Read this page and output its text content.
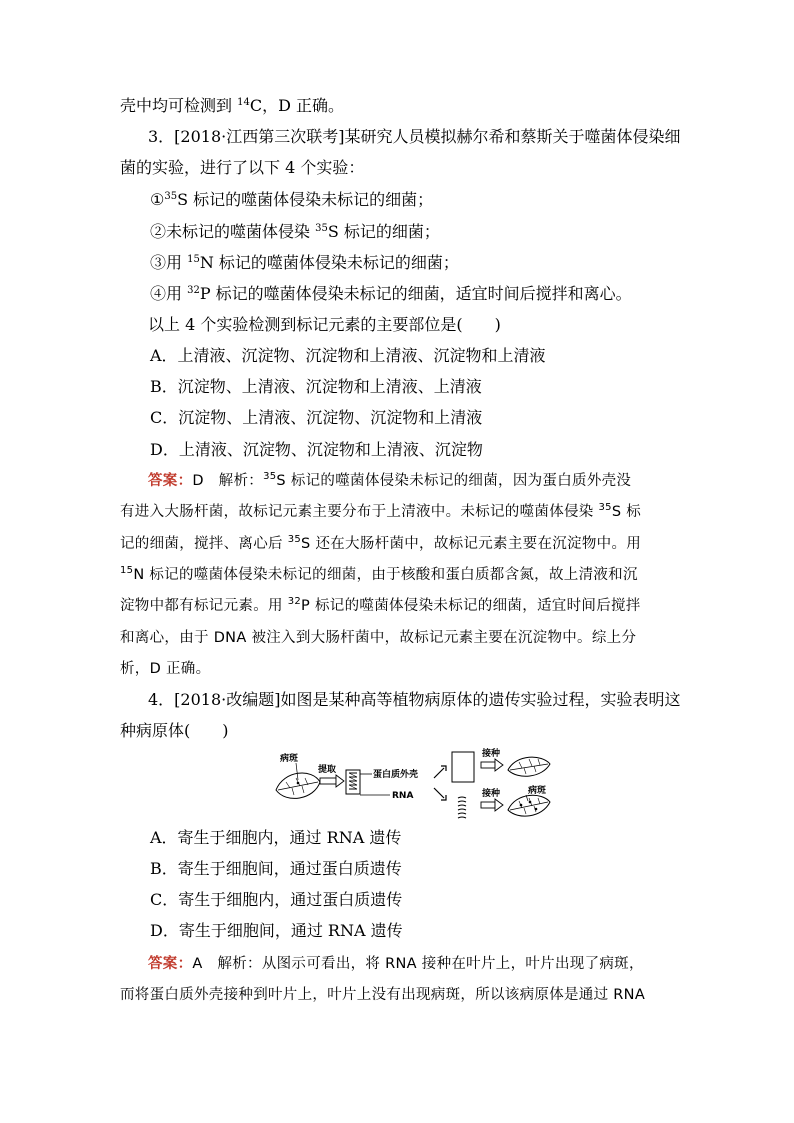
壳中均可检测到 $^{14}$C，D 正确。
3．[2018·江西第三次联考]某研究人员模拟赫尔希和蔡斯关于噬菌体侵染细
菌的实验，进行了以下 4 个实验：
①$^{35}$S 标记的噬菌体侵染未标记的细菌；
②未标记的噬菌体侵染 $^{35}$S 标记的细菌；
③用 $^{15}$N 标记的噬菌体侵染未标记的细菌；
④用 $^{32}$P 标记的噬菌体侵染未标记的细菌，适宜时间后搅拌和离心。
以上 4 个实验检测到标记元素的主要部位是(　　)
A．上清液、沉淀物、沉淀物和上清液、沉淀物和上清液
B．沉淀物、上清液、沉淀物和上清液、上清液
C．沉淀物、上清液、沉淀物、沉淀物和上清液
D．上清液、沉淀物、沉淀物和上清液、沉淀物
答案：D　解析：$^{35}$S 标记的噬菌体侵染未标记的细菌，因为蛋白质外壳没
有进入大肠杆菌，故标记元素主要分布于上清液中。未标记的噬菌体侵染 $^{35}$S 标
记的细菌，搅拌、离心后 $^{35}$S 还在大肠杆菌中，故标记元素主要在沉淀物中。用
$^{15}$N 标记的噬菌体侵染未标记的细菌，由于核酸和蛋白质都含氮，故上清液和沉
淀物中都有标记元素。用 $^{32}$P 标记的噬菌体侵染未标记的细菌，适宜时间后搅拌
和离心，由于 DNA 被注入到大肠杆菌中，故标记元素主要在沉淀物中。综上分
析，D 正确。
4．[2018·改编题]如图是某种高等植物病原体的遗传实验过程，实验表明这
种病原体(　　)
病斑
提取	蛋白质外壳
RNA
接种
接种	病斑
A．寄生于细胞内，通过 RNA 遗传
B．寄生于细胞间，通过蛋白质遗传
C．寄生于细胞内，通过蛋白质遗传
D．寄生于细胞间，通过 RNA 遗传
答案：A　解析：从图示可看出，将 RNA 接种在叶片上，叶片出现了病斑，
而将蛋白质外壳接种到叶片上，叶片上没有出现病斑，所以该病原体是通过 RNA
